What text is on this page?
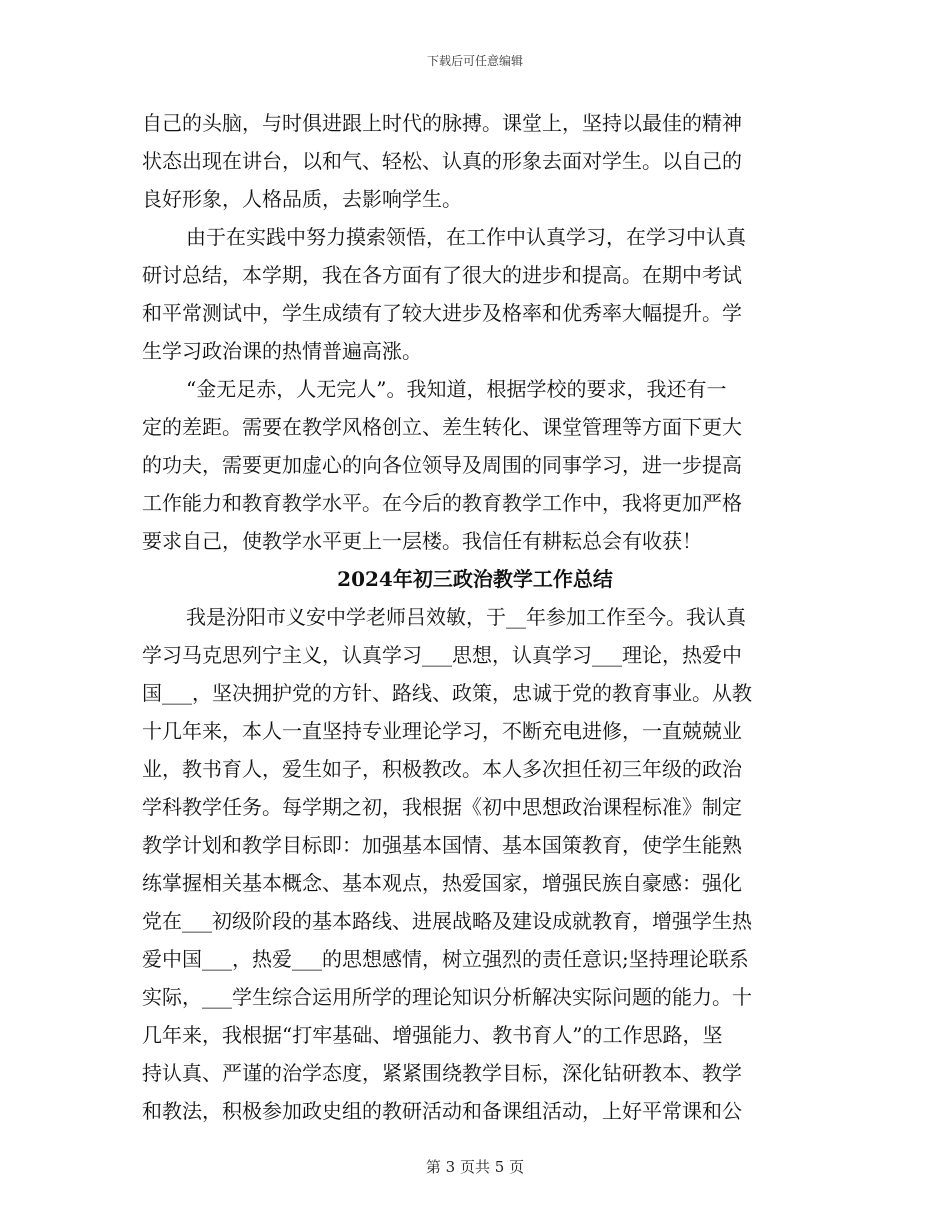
下载后可任意编辑
自己的头脑，与时俱进跟上时代的脉搏。课堂上，坚持以最佳的精神
状态出现在讲台，以和气、轻松、认真的形象去面对学生。以自己的
良好形象，人格品质，去影响学生。
由于在实践中努力摸索领悟，在工作中认真学习，在学习中认真
研讨总结，本学期，我在各方面有了很大的进步和提高。在期中考试
和平常测试中，学生成绩有了较大进步及格率和优秀率大幅提升。学
生学习政治课的热情普遍高涨。
“金无足赤，人无完人”。我知道，根据学校的要求，我还有一
定的差距。需要在教学风格创立、差生转化、课堂管理等方面下更大
的功夫，需要更加虚心的向各位领导及周围的同事学习，进一步提高
工作能力和教育教学水平。在今后的教育教学工作中，我将更加严格
要求自己，使教学水平更上一层楼。我信任有耕耘总会有收获！
2024年初三政治教学工作总结
我是汾阳市义安中学老师吕效敏，于__年参加工作至今。我认真
学习马克思列宁主义，认真学习___思想，认真学习___理论，热爱中
国___，坚决拥护党的方针、路线、政策，忠诚于党的教育事业。从教
十几年来，本人一直坚持专业理论学习，不断充电进修，一直兢兢业
业，教书育人，爱生如子，积极教改。本人多次担任初三年级的政治
学科教学任务。每学期之初，我根据《初中思想政治课程标准》制定
教学计划和教学目标即：加强基本国情、基本国策教育，使学生能熟
练掌握相关基本概念、基本观点，热爱国家，增强民族自豪感：强化
党在___初级阶段的基本路线、进展战略及建设成就教育，增强学生热
爱中国___，热爱___的思想感情，树立强烈的责任意识;坚持理论联系
实际，___学生综合运用所学的理论知识分析解决实际问题的能力。十
几年来，我根据“打牢基础、增强能力、教书育人”的工作思路，坚
持认真、严谨的治学态度，紧紧围绕教学目标，深化钻研教本、教学
和教法，积极参加政史组的教研活动和备课组活动，上好平常课和公
第 3 页共 5 页
